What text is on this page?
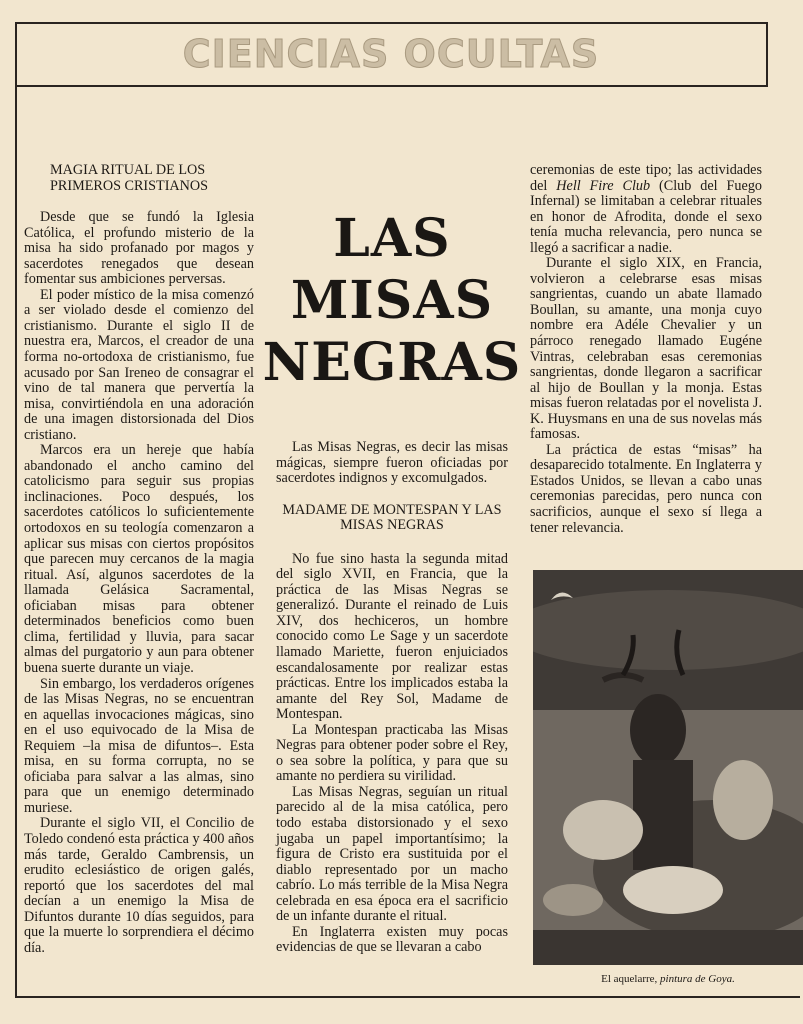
CIENCIAS OCULTAS
MAGIA RITUAL DE LOS PRIMEROS CRISTIANOS

Desde que se fundó la Iglesia Católica, el profundo misterio de la misa ha sido profanado por magos y sacerdotes renegados que desean fomentar sus ambiciones perversas.

El poder místico de la misa comenzó a ser violado desde el comienzo del cristianismo. Durante el siglo II de nuestra era, Marcos, el creador de una forma no-ortodoxa de cristianismo, fue acusado por San Ireneo de consagrar el vino de tal manera que pervertía la misa, convirtiéndola en una adoración de una imagen distorsionada del Dios cristiano.

Marcos era un hereje que había abandonado el ancho camino del catolicismo para seguir sus propias inclinaciones. Poco después, los sacerdotes católicos lo suficientemente ortodoxos en su teología comenzaron a aplicar sus misas con ciertos propósitos que parecen muy cercanos de la magia ritual. Así, algunos sacerdotes de la llamada Gelásica Sacramental, oficiaban misas para obtener determinados beneficios como buen clima, fertilidad y lluvia, para sacar almas del purgatorio y aun para obtener buena suerte durante un viaje.

Sin embargo, los verdaderos orígenes de las Misas Negras, no se encuentran en aquellas invocaciones mágicas, sino en el uso equivocado de la Misa de Requiem –la misa de difuntos–. Esta misa, en su forma corrupta, no se oficiaba para salvar a las almas, sino para que un enemigo determinado muriese.

Durante el siglo VII, el Concilio de Toledo condenó esta práctica y 400 años más tarde, Geraldo Cambrensis, un erudito eclesiástico de origen galés, reportó que los sacerdotes del mal decían a un enemigo la Misa de Difuntos durante 10 días seguidos, para que la muerte lo sorprendiera el décimo día.

LAS
MISAS
NEGRAS

Las Misas Negras, es decir las misas mágicas, siempre fueron oficiadas por sacerdotes indignos y excomulgados.

MADAME DE MONTESPAN Y LAS MISAS NEGRAS

No fue sino hasta la segunda mitad del siglo XVII, en Francia, que la práctica de las Misas Negras se generalizó. Durante el reinado de Luis XIV, dos hechiceros, un hombre conocido como Le Sage y un sacerdote llamado Mariette, fueron enjuiciados escandalosamente por realizar estas prácticas. Entre los implicados estaba la amante del Rey Sol, Madame de Montespan.

La Montespan practicaba las Misas Negras para obtener poder sobre el Rey, o sea sobre la política, y para que su amante no perdiera su virilidad.

Las Misas Negras, seguían un ritual parecido al de la misa católica, pero todo estaba distorsionado y el sexo jugaba un papel importantísimo; la figura de Cristo era sustituida por el diablo representado por un macho cabrío. Lo más terrible de la Misa Negra celebrada en esa época era el sacrificio de un infante durante el ritual.

En Inglaterra existen muy pocas evidencias de que se llevaran a cabo

ceremonias de este tipo; las actividades del Hell Fire Club (Club del Fuego Infernal) se limitaban a celebrar rituales en honor de Afrodita, donde el sexo tenía mucha relevancia, pero nunca se llegó a sacrificar a nadie.

Durante el siglo XIX, en Francia, volvieron a celebrarse esas misas sangrientas, cuando un abate llamado Boullan, su amante, una monja cuyo nombre era Adéle Chevalier y un párroco renegado llamado Eugéne Vintras, celebraban esas ceremonias sangrientas, donde llegaron a sacrificar al hijo de Boullan y la monja. Estas misas fueron relatadas por el novelista J. K. Huysmans en una de sus novelas más famosas.

La práctica de estas “misas” ha desaparecido totalmente. En Inglaterra y Estados Unidos, se llevan a cabo unas ceremonias parecidas, pero nunca con sacrificios, aunque el sexo sí llega a tener relevancia.

El aquelarre, pintura de Goya.
